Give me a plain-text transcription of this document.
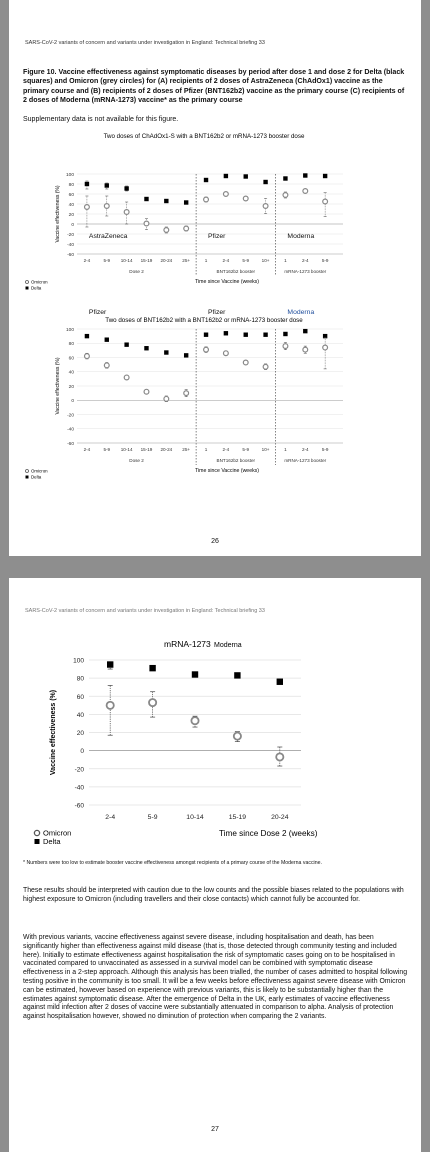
SARS-CoV-2 variants of concern and variants under investigation in England: Technical briefing 33
Figure 10. Vaccine effectiveness against symptomatic diseases by period after dose 1 and dose 2 for Delta (black squares) and Omicron (grey circles) for (A) recipients of 2 doses of AstraZeneca (ChAdOx1) vaccine as the primary course and (B) recipients of 2 doses of Pfizer (BNT162b2) vaccine as the primary course (C) recipients of 2 doses of Moderna (mRNA-1273) vaccine* as the primary course
Supplementary data is not available for this figure.
Two doses of ChAdOx1-S with a BNT162b2 or mRNA-1273 booster dose
100
80
60
40
20
0
-20
-40
-60
Vaccine effectiveness (%)
2-4	5-9 10-14 15-19 20-24 25+
Dose 2
AstraZeneca
1	2-4	5-9	10+
BNT162b2 booster
Pfizer
1	2-4	5-9
mRNA-1273 booster
Moderna
Time since Vaccine (weeks)
Omicron
Delta
Two doses of BNT162b2 with a BNT162b2 or mRNA-1273 booster dose
100
80
60
40
20
0
-20
-40
-60
Vaccine effectiveness (%)
2-4	5-9 10-14 15-19 20-24 25+
Dose 2
Pfizer
1	2-4	5-9	10+
BNT162b2 booster
Pfizer
1	2-4	5-9
mRNA-1273 booster
Moderna
Time since Vaccine (weeks)
Omicron
Delta
26
SARS-CoV-2 variants of concern and variants under investigation in England: Technical briefing 33
mRNA-1273 Moderna
100
80
60
40
20
0
-20
-40
-60
Vaccine effectiveness (%)
2-4	5-9	10-14	15-19	20-24
Time since Dose 2 (weeks)
Omicron
Delta
* Numbers were too low to estimate booster vaccine effectiveness amongst recipients of a primary course of the Moderna vaccine.
These results should be interpreted with caution due to the low counts and the possible biases related to the populations with highest exposure to Omicron (including travellers and their close contacts) which cannot fully be accounted for.
With previous variants, vaccine effectiveness against severe disease, including hospitalisation and death, has been significantly higher than effectiveness against mild disease (that is, those detected through community testing and included here). Initially to estimate effectiveness against hospitalisation the risk of symptomatic cases going on to be hospitalised in vaccinated compared to unvaccinated as assessed in a survival model can be combined with symptomatic disease effectiveness in a 2-step approach. Although this analysis has been trialled, the number of cases admitted to hospital following testing positive in the community is too small. It will be a few weeks before effectiveness against severe disease with Omicron can be estimated, however based on experience with previous variants, this is likely to be substantially higher than the estimates against symptomatic disease. After the emergence of Delta in the UK, early estimates of vaccine effectiveness against mild infection after 2 doses of vaccine were substantially attenuated in comparison to alpha. Analysis of protection against hospitalisation however, showed no diminution of protection when comparing the 2 variants.
27
